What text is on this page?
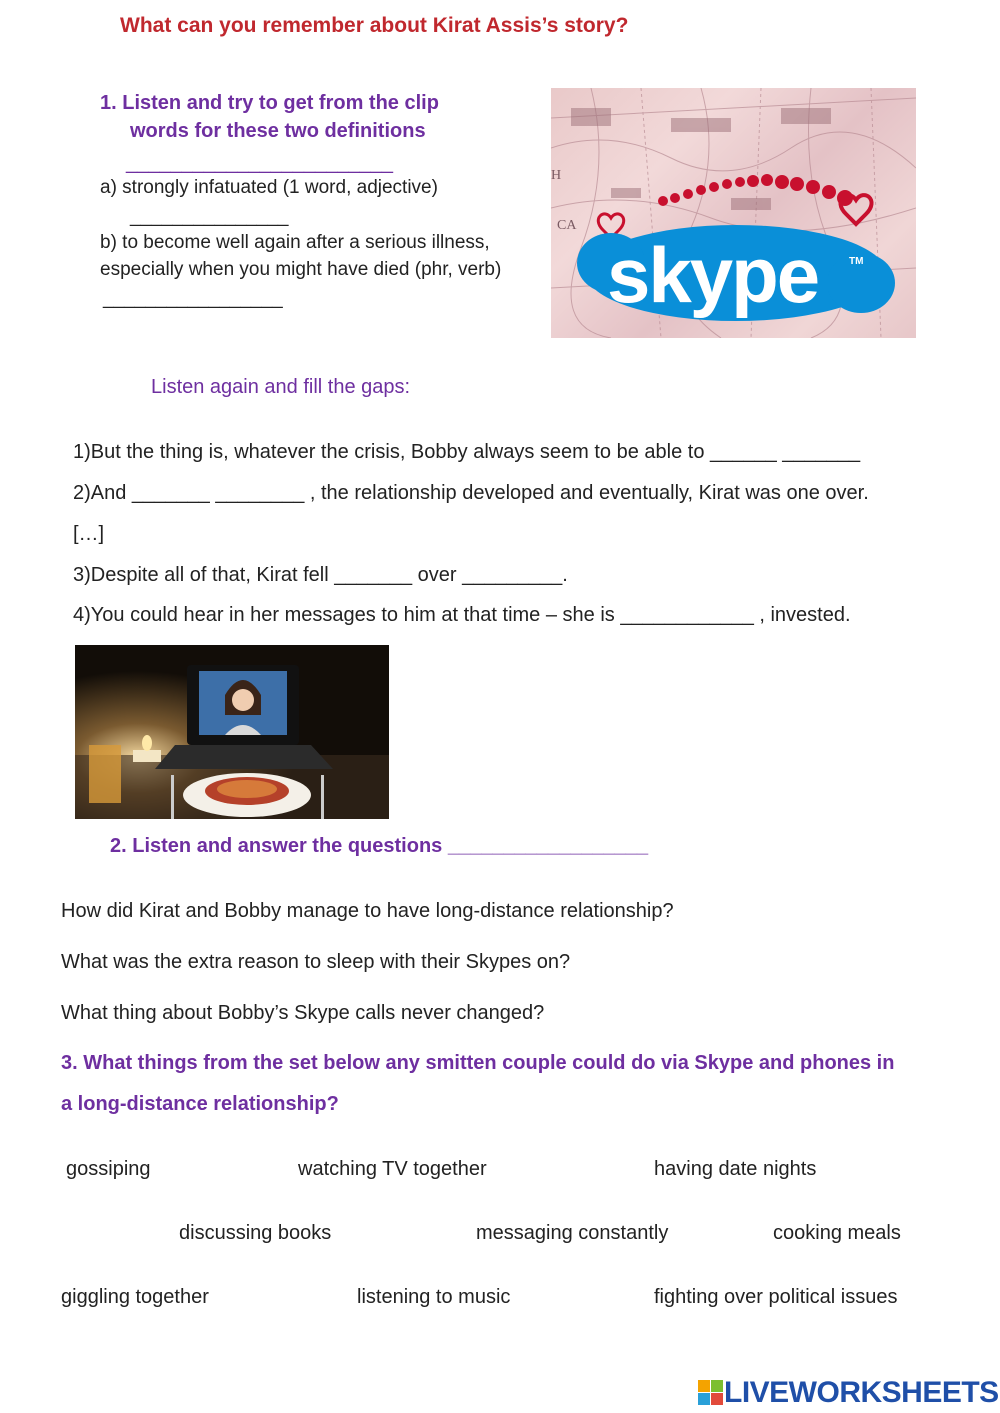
What can you remember about Kirat Assis’s story?
1. Listen and try to get from the clip
words for these two definitions
________________________
a) strongly infatuated (1 word, adjective)
_______________
b) to become well again after a serious illness,
especially when you might have died (phr, verb)
_________________	skype	TM
H
CA
Listen again and fill the gaps:
1)But the thing is, whatever the crisis, Bobby always seem to be able to ______ _______
2)And _______ ________ , the relationship developed and eventually, Kirat was one over.
[…]
3)Despite all of that, Kirat fell _______ over _________.
4)You could hear in her messages to him at that time – she is ____________ , invested.
2. Listen and answer the questions __________________
How did Kirat and Bobby manage to have long-distance relationship?
What was the extra reason to sleep with their Skypes on?
What thing about Bobby’s Skype calls never changed?
3. What things from the set below any smitten couple could do via Skype and phones in
a long-distance relationship?
gossiping	watching TV together	having date nights
discussing books	messaging constantly	cooking meals
giggling together	listening to music	fighting over political issues
LIVEWORKSHEETS
